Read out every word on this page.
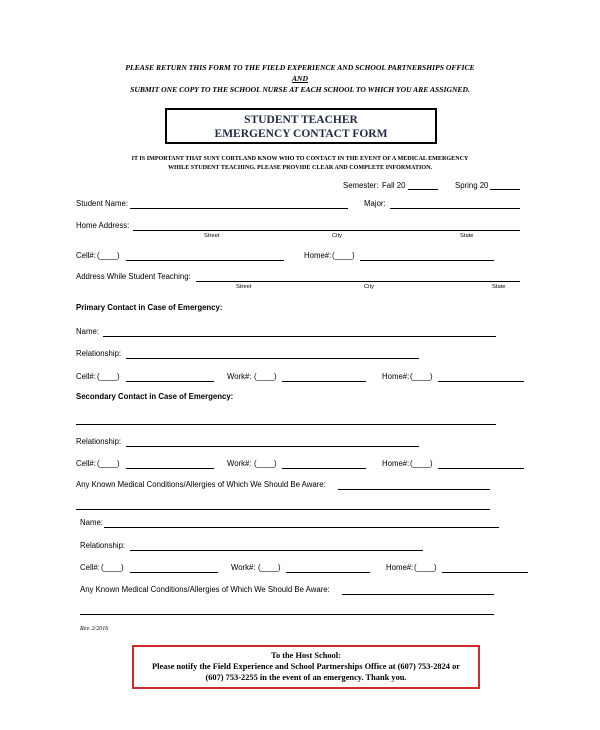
PLEASE RETURN THIS FORM TO THE FIELD EXPERIENCE AND SCHOOL PARTNERSHIPS OFFICE
AND
SUBMIT ONE COPY TO THE SCHOOL NURSE AT EACH SCHOOL TO WHICH YOU ARE ASSIGNED.
STUDENT TEACHER
EMERGENCY CONTACT FORM
IT IS IMPORTANT THAT SUNY CORTLAND KNOW WHO TO CONTACT IN THE EVENT OF A MEDICAL EMERGENCY
WHILE STUDENT TEACHING. PLEASE PROVIDE CLEAR AND COMPLETE INFORMATION.
Semester: Fall 20	Spring 20
Student Name:	Major:
Home Address:
Street	City	State
Cell#: (____)	Home#: (____)
Address While Student Teaching:
Street	City	State
Primary Contact in Case of Emergency:
Name:
Relationship:
Cell#: (____)	Work#: (____)	Home#: (____)
Secondary Contact in Case of Emergency:
Relationship:
Cell#: (____)	Work#: (____)	Home#: (____)
Any Known Medical Conditions/Allergies of Which We Should Be Aware:
Name:
Relationship:
Cell#: (____)	Work#: (____)	Home#: (____)
Any Known Medical Conditions/Allergies of Which We Should Be Aware:
Rev. 2/2016
To the Host School:
Please notify the Field Experience and School Partnerships Office at (607) 753-2824 or
(607) 753-2255 in the event of an emergency. Thank you.
